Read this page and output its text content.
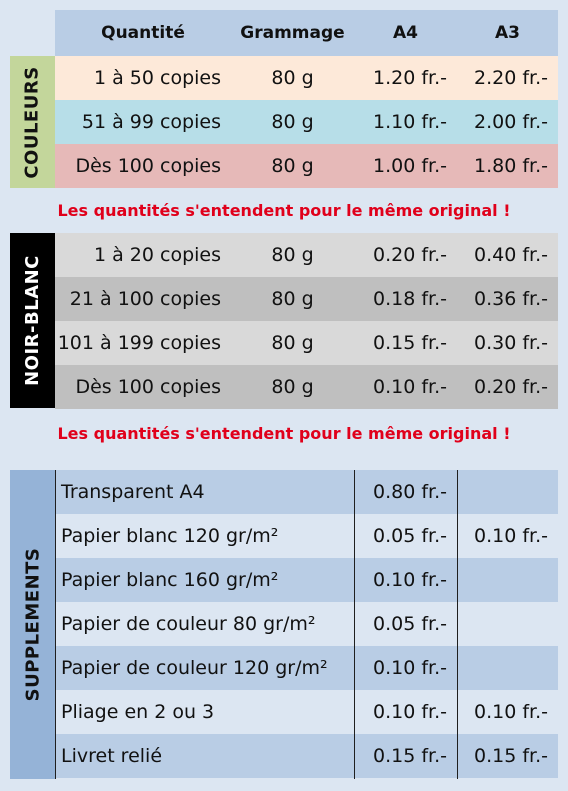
Quantité	Grammage	A4	A3
COULEURS	1 à 50 copies	80 g	1.20 fr.-	2.20 fr.-
51 à 99 copies	80 g	1.10 fr.-	2.00 fr.-
Dès 100 copies	80 g	1.00 fr.-	1.80 fr.-
Les quantités s'entendent pour le même original !
NOIR-BLANC
1 à 20 copies	80 g	0.20 fr.-	0.40 fr.-
21 à 100 copies	80 g	0.18 fr.-	0.36 fr.-
101 à 199 copies	80 g	0.15 fr.-	0.30 fr.-
Dès 100 copies	80 g	0.10 fr.-	0.20 fr.-
Les quantités s'entendent pour le même original !
SUPPLEMENTS
Transparent A4	0.80 fr.-
Papier blanc 120 gr/m²	0.05 fr.-	0.10 fr.-
Papier blanc 160 gr/m²	0.10 fr.-
Papier de couleur 80 gr/m²	0.05 fr.-
Papier de couleur 120 gr/m²	0.10 fr.-
Pliage en 2 ou 3	0.10 fr.-	0.10 fr.-
Livret relié	0.15 fr.-	0.15 fr.-
